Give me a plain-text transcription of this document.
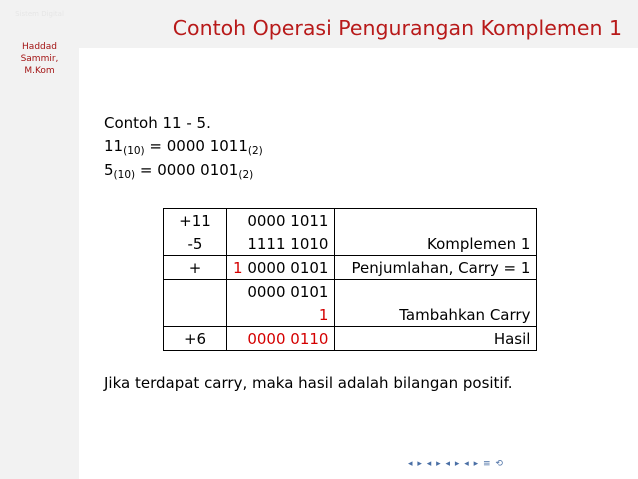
Sistem Digital
Haddad
Sammir,
M.Kom
Contoh Operasi Pengurangan Komplemen 1
Contoh 11 - 5.
$11_{(10)} = 0000$ $1011_{(2)}$
$5_{(10)} = 0000$ $0101_{(2)}$
+11	0000 1011	
-5	1111 1010	Komplemen 1
+	1 0000 0101	Penjumlahan, Carry = 1
	0000 0101	
	1	Tambahkan Carry
+6	0000 0110	Hasil
Jika terdapat carry, maka hasil adalah bilangan positif.
◂ ▸ ◂ ▸ ◂ ▸ ◂ ▸ ≡ ⟲
